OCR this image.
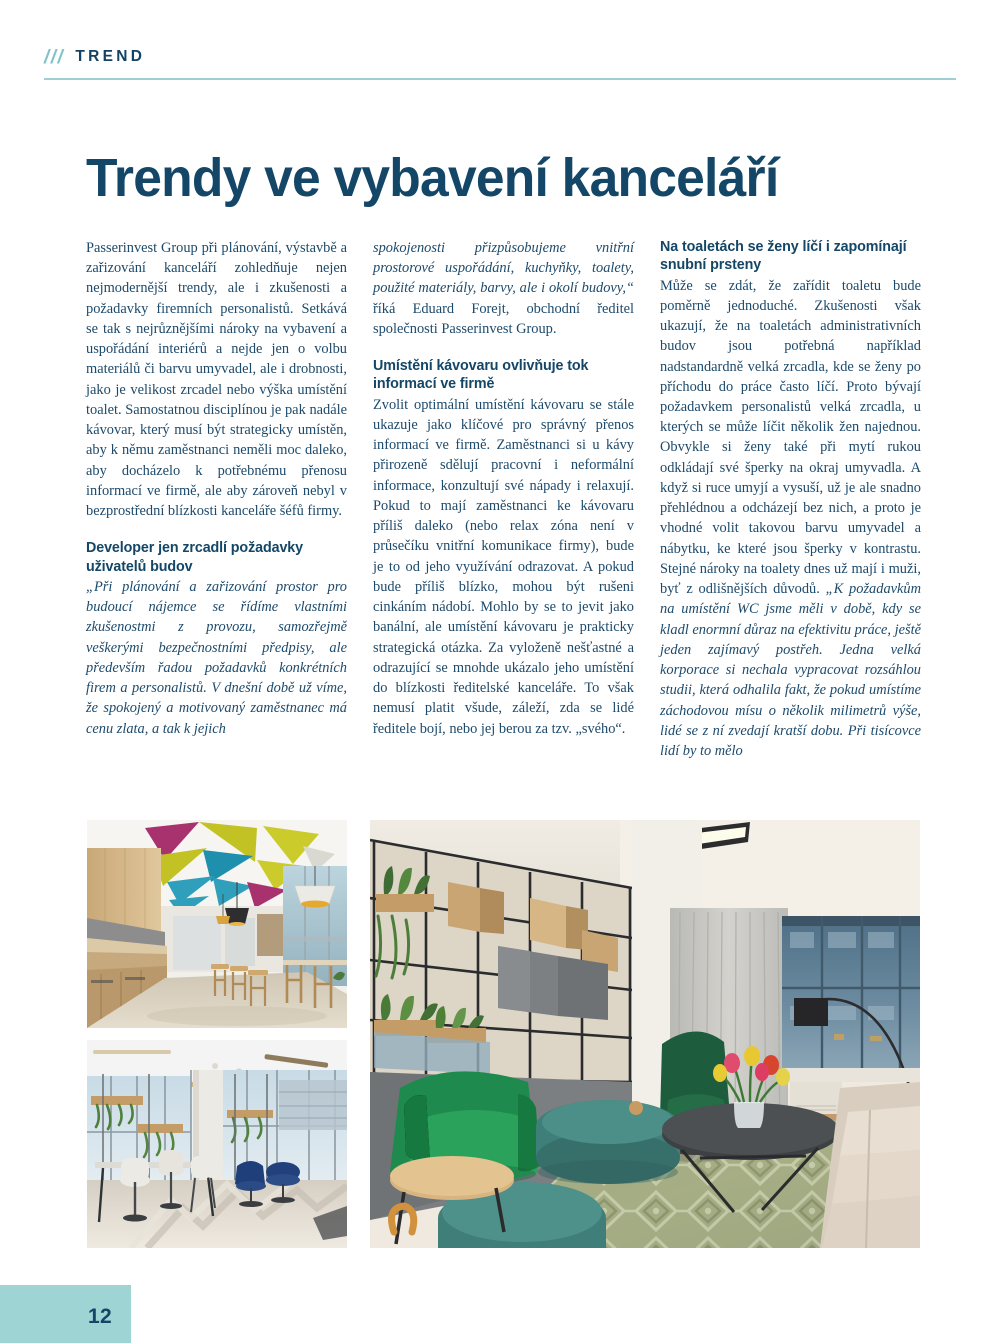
/// TREND
Trendy ve vybavení kanceláří

Passerinvest Group při plánování, výstavbě a zařizování kanceláří zohledňuje nejen nejmodernější trendy, ale i zkušenosti a požadavky firemních personalistů. Setkává se tak s nejrůznějšími nároky na vybavení a uspořádání interiérů a nejde jen o volbu materiálů či barvu umyvadel, ale i drobnosti, jako je velikost zrcadel nebo výška umístění toalet. Samostatnou disciplínou je pak nadále kávovar, který musí být strategicky umístěn, aby k němu zaměstnanci neměli moc daleko, aby docházelo k potřebnému přenosu informací ve firmě, ale aby zároveň nebyl v bezprostřední blízkosti kanceláře šéfů firmy.

Developer jen zrcadlí požadavky uživatelů budov

„Při plánování a zařizování prostor pro budoucí nájemce se řídíme vlastními zkušenostmi z provozu, samozřejmě veškerými bezpečnostními předpisy, ale především řadou požadavků konkrétních firem a personalistů. V dnešní době už víme, že spokojený a motivovaný zaměstnanec má cenu zlata, a tak k jejich

spokojenosti přizpůsobujeme vnitřní prostorové uspořádání, kuchyňky, toalety, použité materiály, barvy, ale i okolí budovy,“ říká Eduard Forejt, obchodní ředitel společnosti Passerinvest Group.

Umístění kávovaru ovlivňuje tok informací ve firmě

Zvolit optimální umístění kávovaru se stále ukazuje jako klíčové pro správný přenos informací ve firmě. Zaměstnanci si u kávy přirozeně sdělují pracovní i neformální informace, konzultují své nápady i relaxují. Pokud to mají zaměstnanci ke kávovaru příliš daleko (nebo relax zóna není v průsečíku vnitřní komunikace firmy), bude je to od jeho využívání odrazovat. A pokud bude příliš blízko, mohou být rušeni cinkáním nádobí. Mohlo by se to jevit jako banální, ale umístění kávovaru je prakticky strategická otázka. Za vyloženě nešťastné a odrazující se mnohde ukázalo jeho umístění do blízkosti ředitelské kanceláře. To však nemusí platit všude, záleží, zda se lidé ředitele bojí, nebo jej berou za tzv. „svého“.

Na toaletách se ženy líčí i zapomínají snubní prsteny

Může se zdát, že zařídit toaletu bude poměrně jednoduché. Zkušenosti však ukazují, že na toaletách administrativních budov jsou potřebná například nadstandardně velká zrcadla, kde se ženy po příchodu do práce často líčí. Proto bývají požadavkem personalistů velká zrcadla, u kterých se může líčit několik žen najednou. Obvykle si ženy také při mytí rukou odkládají své šperky na okraj umyvadla. A když si ruce umyjí a vysuší, už je ale snadno přehlédnou a odcházejí bez nich, a proto je vhodné volit takovou barvu umyvadel a nábytku, ke které jsou šperky v kontrastu. Stejné nároky na toalety dnes už mají i muži, byť z odlišnějších důvodů. „K požadavkům na umístění WC jsme měli v době, kdy se kladl enormní důraz na efektivitu práce, ještě jeden zajímavý postřeh. Jedna velká korporace si nechala vypracovat rozsáhlou studii, která odhalila fakt, že pokud umístíme záchodovou mísu o několik milimetrů výše, lidé se z ní zvedají kratší dobu. Při tisícovce lidí by to mělo

12
